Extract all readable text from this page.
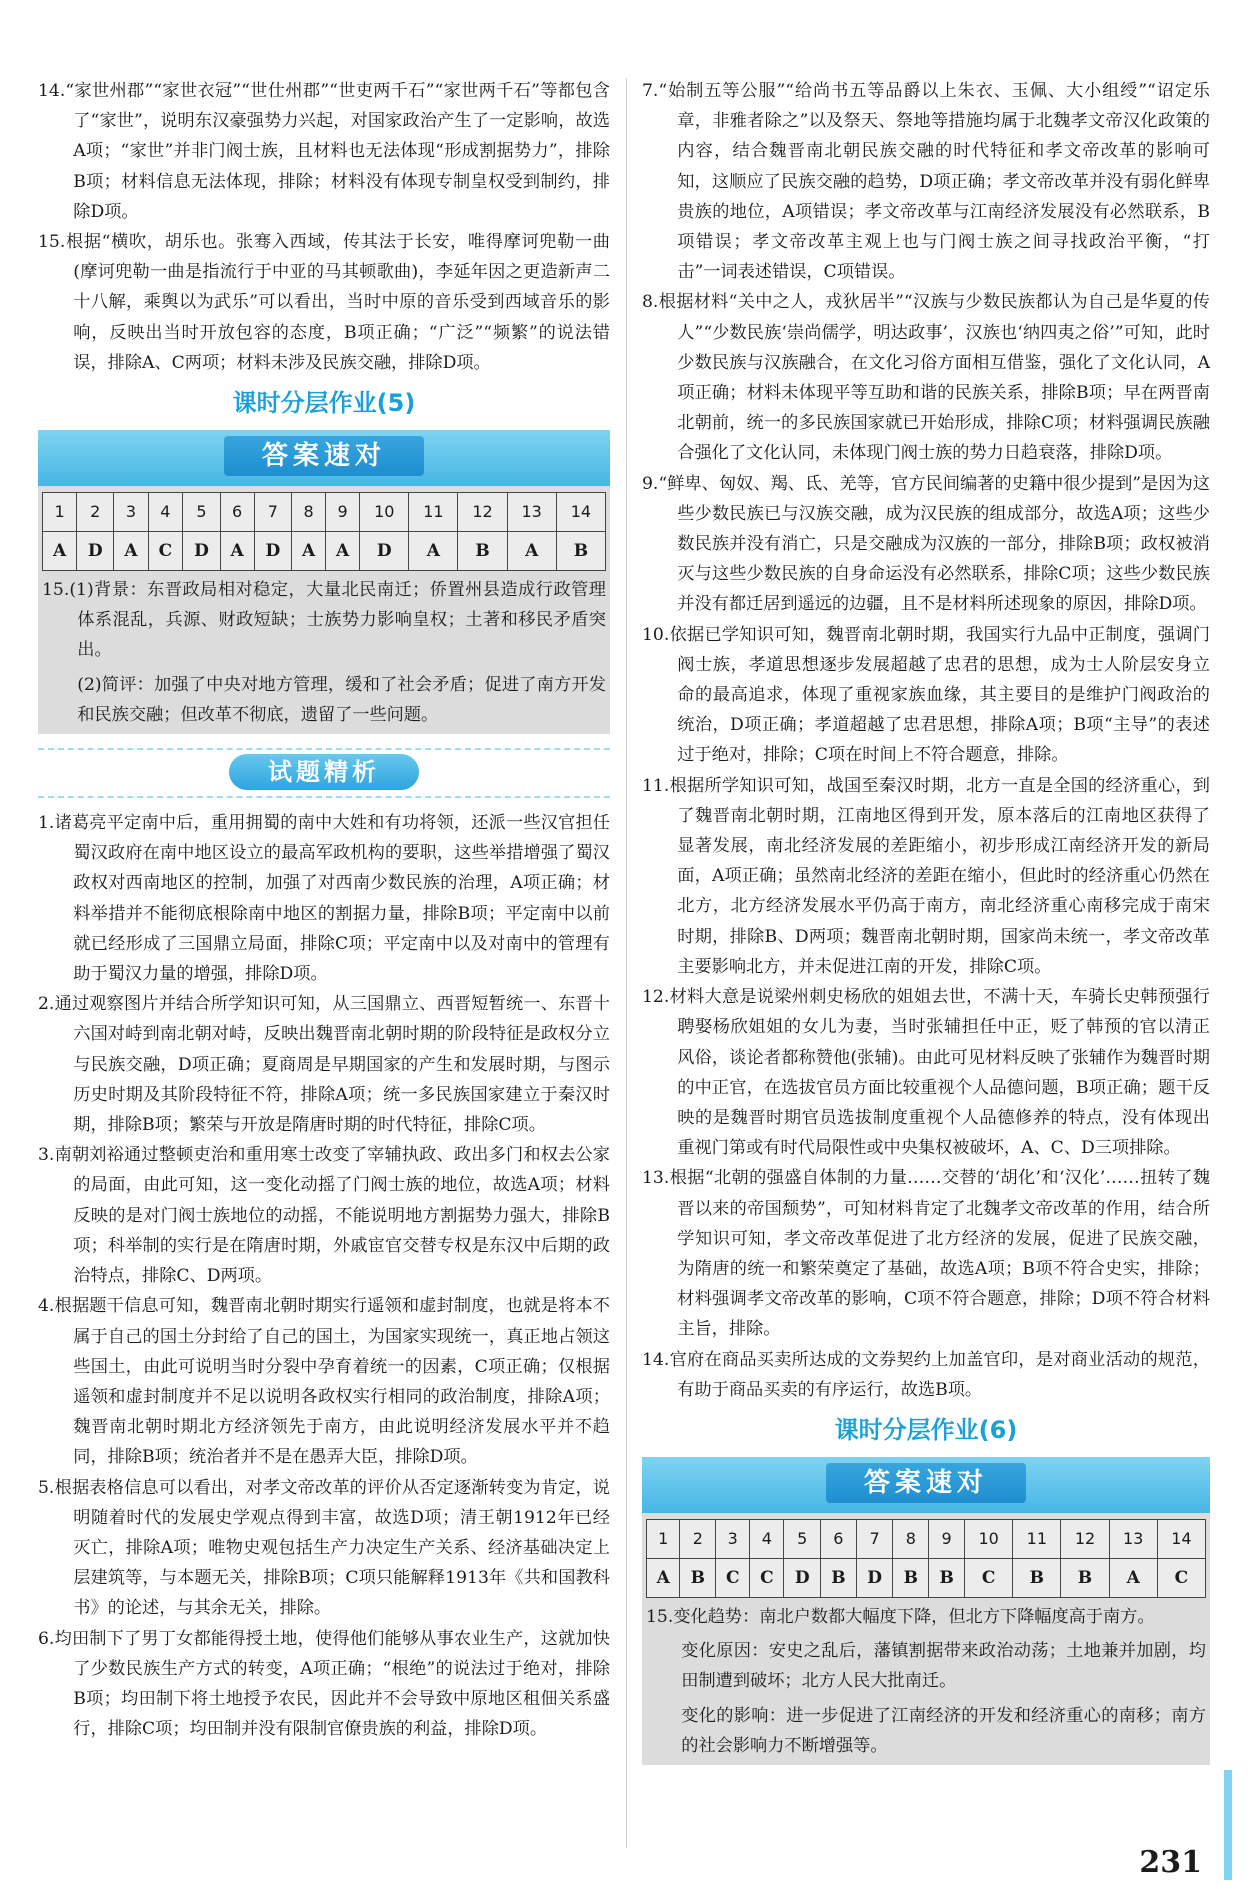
14.“家世州郡”“家世衣冠”“世仕州郡”“世吏两千石”“家世两千石”等都包含了“家世”，说明东汉豪强势力兴起，对国家政治产生了一定影响，故选A项；“家世”并非门阀士族，且材料也无法体现“形成割据势力”，排除B项；材料信息无法体现，排除；材料没有体现专制皇权受到制约，排除D项。

15.根据“横吹，胡乐也。张骞入西域，传其法于长安，唯得摩诃兜勒一曲(摩诃兜勒一曲是指流行于中亚的马其顿歌曲)，李延年因之更造新声二十八解，乘舆以为武乐”可以看出，当时中原的音乐受到西域音乐的影响，反映出当时开放包容的态度，B项正确；“广泛”“频繁”的说法错误，排除A、C两项；材料未涉及民族交融，排除D项。

课时分层作业(5)
答案速对
1	2	3	4	5	6	7	8	9	10	11	12	13	14
A	D	A	C	D	A	D	A	A	D	A	B	A	B

15.(1)背景：东晋政局相对稳定，大量北民南迁；侨置州县造成行政管理体系混乱，兵源、财政短缺；士族势力影响皇权；土著和移民矛盾突出。

(2)简评：加强了中央对地方管理，缓和了社会矛盾；促进了南方开发和民族交融；但改革不彻底，遗留了一些问题。

试题精析

1.诸葛亮平定南中后，重用拥蜀的南中大姓和有功将领，还派一些汉官担任蜀汉政府在南中地区设立的最高军政机构的要职，这些举措增强了蜀汉政权对西南地区的控制，加强了对西南少数民族的治理，A项正确；材料举措并不能彻底根除南中地区的割据力量，排除B项；平定南中以前就已经形成了三国鼎立局面，排除C项；平定南中以及对南中的管理有助于蜀汉力量的增强，排除D项。

2.通过观察图片并结合所学知识可知，从三国鼎立、西晋短暂统一、东晋十六国对峙到南北朝对峙，反映出魏晋南北朝时期的阶段特征是政权分立与民族交融，D项正确；夏商周是早期国家的产生和发展时期，与图示历史时期及其阶段特征不符，排除A项；统一多民族国家建立于秦汉时期，排除B项；繁荣与开放是隋唐时期的时代特征，排除C项。

3.南朝刘裕通过整顿吏治和重用寒士改变了宰辅执政、政出多门和权去公家的局面，由此可知，这一变化动摇了门阀士族的地位，故选A项；材料反映的是对门阀士族地位的动摇，不能说明地方割据势力强大，排除B项；科举制的实行是在隋唐时期，外戚宦官交替专权是东汉中后期的政治特点，排除C、D两项。

4.根据题干信息可知，魏晋南北朝时期实行遥领和虚封制度，也就是将本不属于自己的国土分封给了自己的国土，为国家实现统一，真正地占领这些国土，由此可说明当时分裂中孕育着统一的因素，C项正确；仅根据遥领和虚封制度并不足以说明各政权实行相同的政治制度，排除A项；魏晋南北朝时期北方经济领先于南方，由此说明经济发展水平并不趋同，排除B项；统治者并不是在愚弄大臣，排除D项。

5.根据表格信息可以看出，对孝文帝改革的评价从否定逐渐转变为肯定，说明随着时代的发展史学观点得到丰富，故选D项；清王朝1912年已经灭亡，排除A项；唯物史观包括生产力决定生产关系、经济基础决定上层建筑等，与本题无关，排除B项；C项只能解释1913年《共和国教科书》的论述，与其余无关，排除。

6.均田制下了男丁女都能得授土地，使得他们能够从事农业生产，这就加快了少数民族生产方式的转变，A项正确；“根绝”的说法过于绝对，排除B项；均田制下将土地授予农民，因此并不会导致中原地区租佃关系盛行，排除C项；均田制并没有限制官僚贵族的利益，排除D项。

7.“始制五等公服”“给尚书五等品爵以上朱衣、玉佩、大小组绶”“诏定乐章，非雅者除之”以及祭天、祭地等措施均属于北魏孝文帝汉化政策的内容，结合魏晋南北朝民族交融的时代特征和孝文帝改革的影响可知，这顺应了民族交融的趋势，D项正确；孝文帝改革并没有弱化鲜卑贵族的地位，A项错误；孝文帝改革与江南经济发展没有必然联系，B项错误；孝文帝改革主观上也与门阀士族之间寻找政治平衡，“打击”一词表述错误，C项错误。

8.根据材料“关中之人，戎狄居半”“汉族与少数民族都认为自己是华夏的传人”“少数民族‘崇尚儒学，明达政事’，汉族也‘纳四夷之俗’”可知，此时少数民族与汉族融合，在文化习俗方面相互借鉴，强化了文化认同，A项正确；材料未体现平等互助和谐的民族关系，排除B项；早在两晋南北朝前，统一的多民族国家就已开始形成，排除C项；材料强调民族融合强化了文化认同，未体现门阀士族的势力日趋衰落，排除D项。

9.“鲜卑、匈奴、羯、氐、羌等，官方民间编著的史籍中很少提到”是因为这些少数民族已与汉族交融，成为汉民族的组成部分，故选A项；这些少数民族并没有消亡，只是交融成为汉族的一部分，排除B项；政权被消灭与这些少数民族的自身命运没有必然联系，排除C项；这些少数民族并没有都迁居到遥远的边疆，且不是材料所述现象的原因，排除D项。

10.依据已学知识可知，魏晋南北朝时期，我国实行九品中正制度，强调门阀士族，孝道思想逐步发展超越了忠君的思想，成为士人阶层安身立命的最高追求，体现了重视家族血缘，其主要目的是维护门阀政治的统治，D项正确；孝道超越了忠君思想，排除A项；B项“主导”的表述过于绝对，排除；C项在时间上不符合题意，排除。

11.根据所学知识可知，战国至秦汉时期，北方一直是全国的经济重心，到了魏晋南北朝时期，江南地区得到开发，原本落后的江南地区获得了显著发展，南北经济发展的差距缩小，初步形成江南经济开发的新局面，A项正确；虽然南北经济的差距在缩小，但此时的经济重心仍然在北方，北方经济发展水平仍高于南方，南北经济重心南移完成于南宋时期，排除B、D两项；魏晋南北朝时期，国家尚未统一，孝文帝改革主要影响北方，并未促进江南的开发，排除C项。

12.材料大意是说梁州刺史杨欣的姐姐去世，不满十天，车骑长史韩预强行聘娶杨欣姐姐的女儿为妻，当时张辅担任中正，贬了韩预的官以清正风俗，谈论者都称赞他(张辅)。由此可见材料反映了张辅作为魏晋时期的中正官，在选拔官员方面比较重视个人品德问题，B项正确；题干反映的是魏晋时期官员选拔制度重视个人品德修养的特点，没有体现出重视门第或有时代局限性或中央集权被破坏，A、C、D三项排除。

13.根据“北朝的强盛自体制的力量……交替的‘胡化’和‘汉化’……扭转了魏晋以来的帝国颓势”，可知材料肯定了北魏孝文帝改革的作用，结合所学知识可知，孝文帝改革促进了北方经济的发展，促进了民族交融，为隋唐的统一和繁荣奠定了基础，故选A项；B项不符合史实，排除；材料强调孝文帝改革的影响，C项不符合题意，排除；D项不符合材料主旨，排除。

14.官府在商品买卖所达成的文券契约上加盖官印，是对商业活动的规范，有助于商品买卖的有序运行，故选B项。

课时分层作业(6)
答案速对
1	2	3	4	5	6	7	8	9	10	11	12	13	14
A	B	C	C	D	B	D	B	B	C	B	B	A	C

15.变化趋势：南北户数都大幅度下降，但北方下降幅度高于南方。

变化原因：安史之乱后，藩镇割据带来政治动荡；土地兼并加剧，均田制遭到破坏；北方人民大批南迁。

变化的影响：进一步促进了江南经济的开发和经济重心的南移；南方的社会影响力不断增强等。

231
